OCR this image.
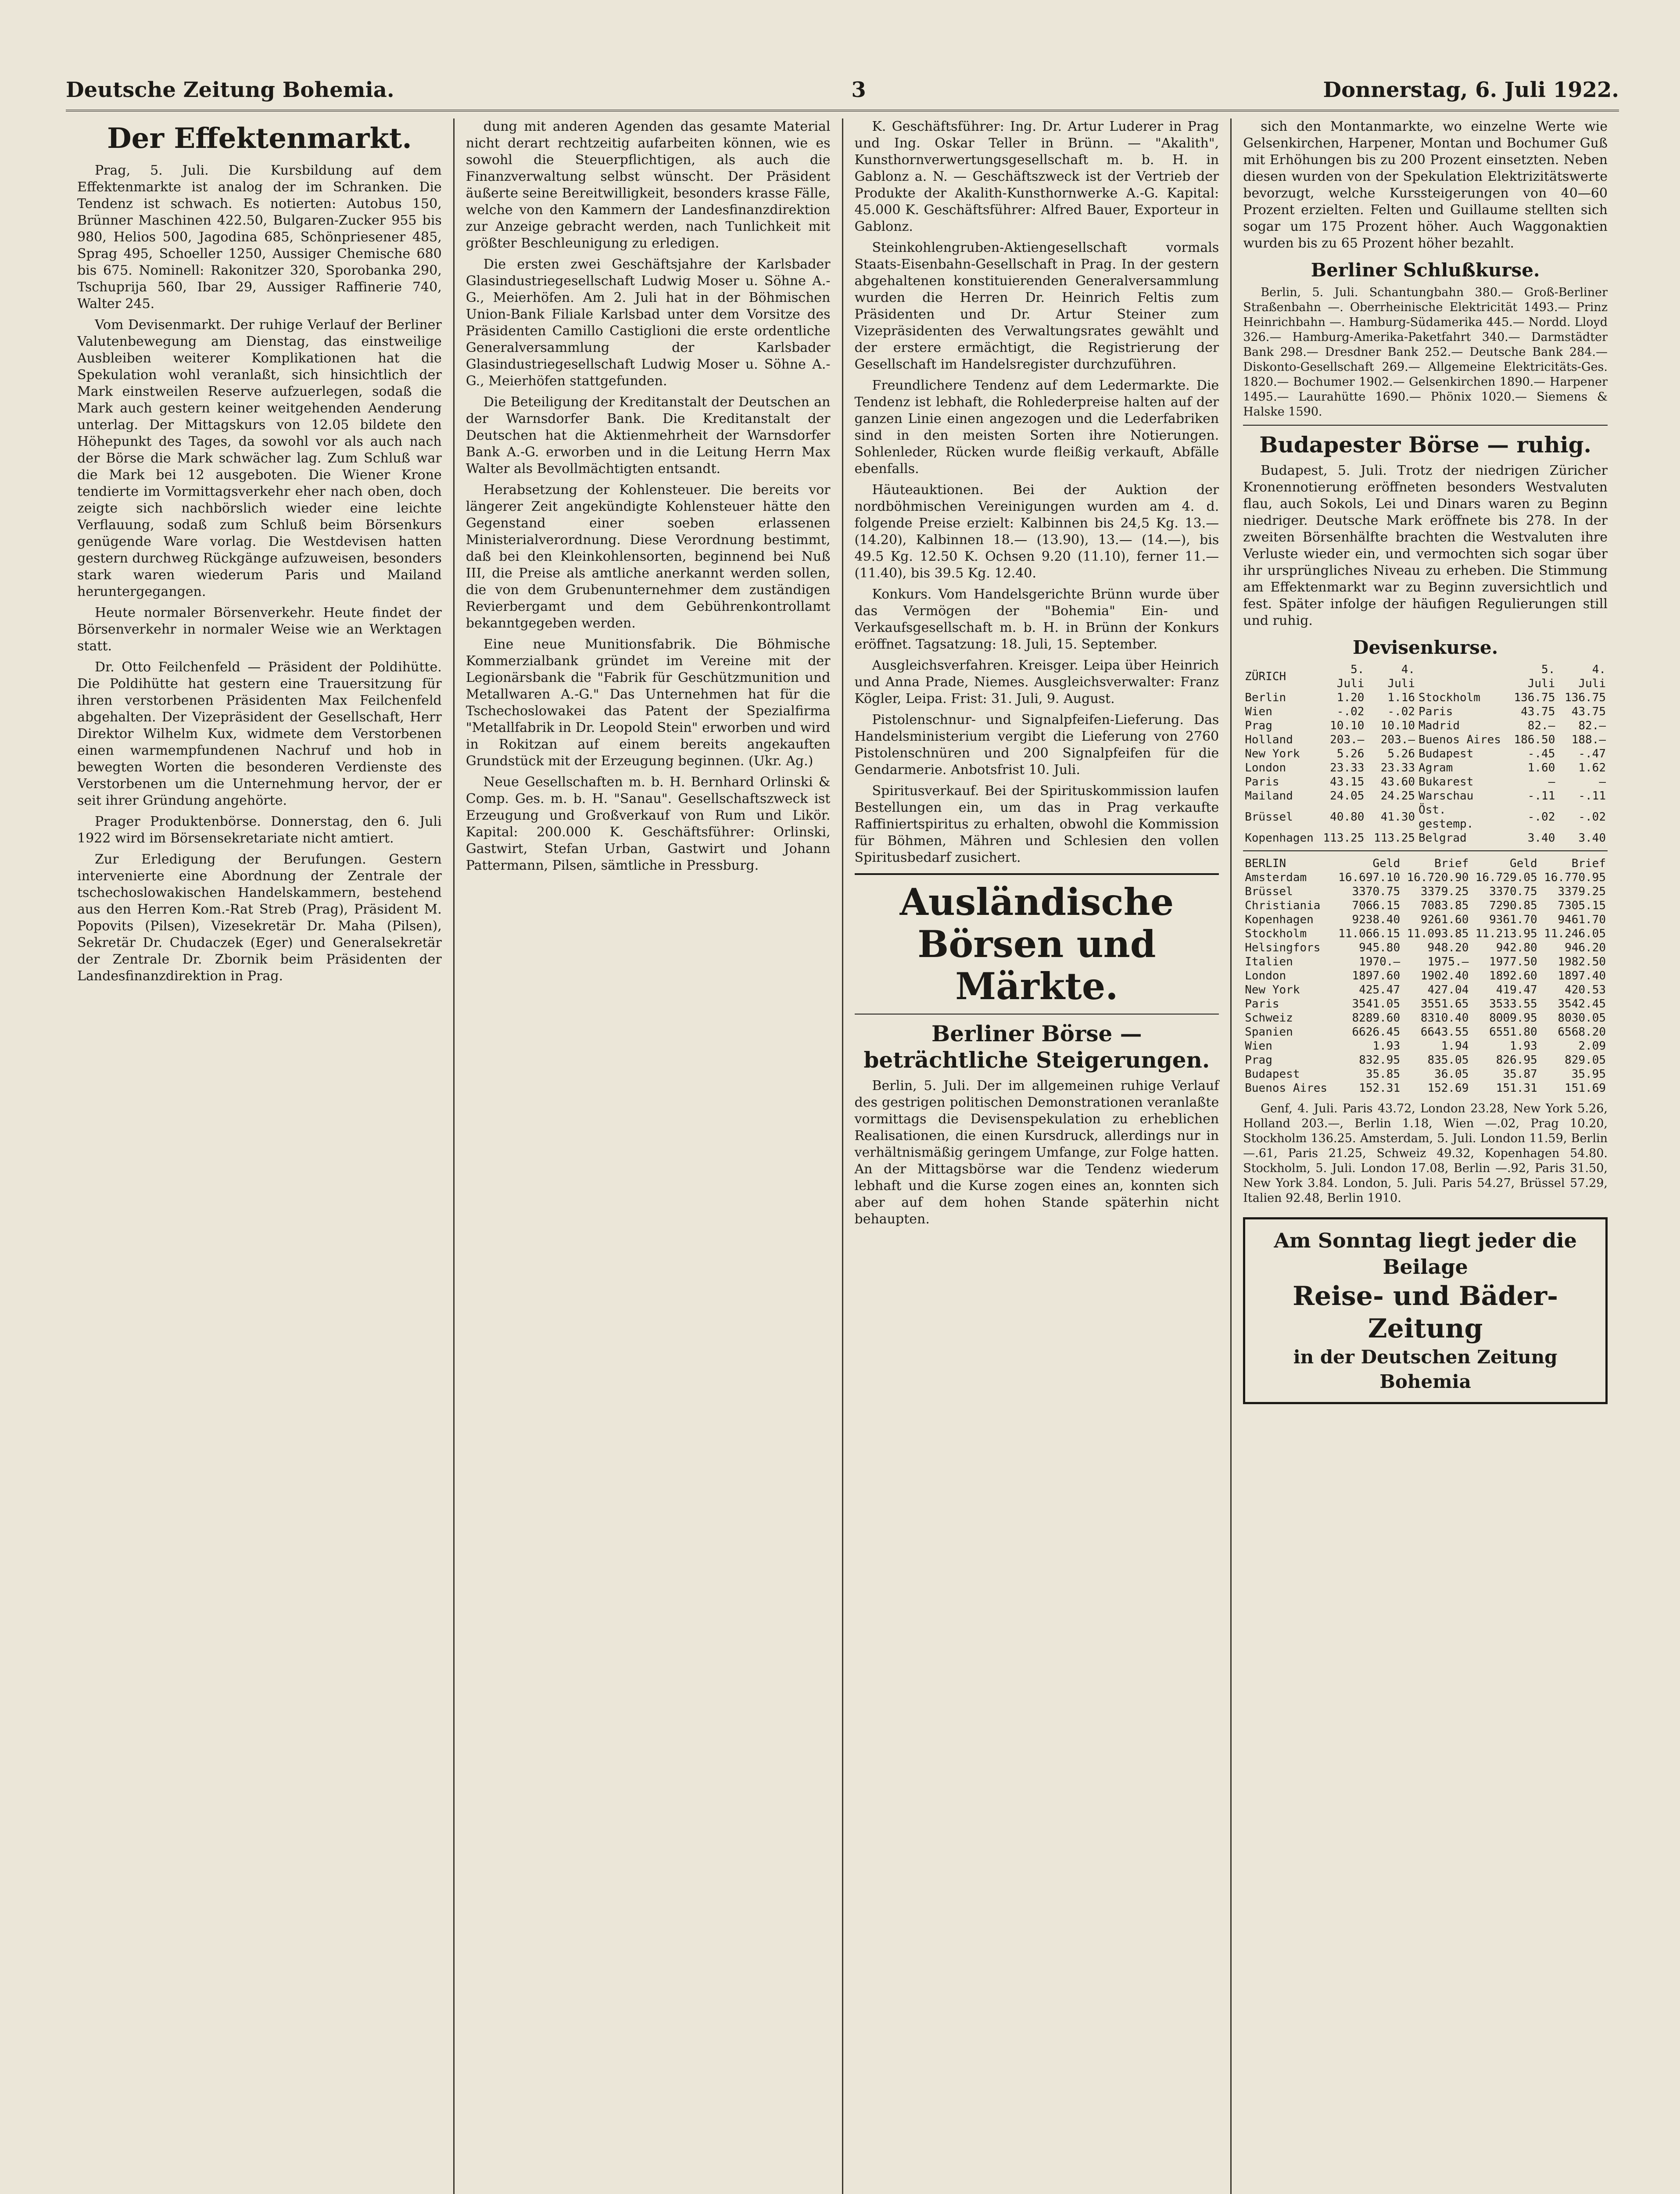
Deutsche Zeitung Bohemia.	3	Donnerstag, 6. Juli 1922.
Der Effektenmarkt.

Prag, 5. Juli. Die Kursbildung auf dem Effektenmarkte ist analog der im Schranken. Die Tendenz ist schwach. Es notierten: Autobus 150, Brünner Maschinen 422.50, Bulgaren-Zucker 955 bis 980, Helios 500, Jagodina 685, Schönpriesener 485, Sprag 495, Schoeller 1250, Aussiger Chemische 680 bis 675. Nominell: Rakonitzer 320, Sporobanka 290, Tschuprija 560, Ibar 29, Aussiger Raffinerie 740, Walter 245.

Vom Devisenmarkt. Der ruhige Verlauf der Berliner Valutenbewegung am Dienstag, das einstweilige Ausbleiben weiterer Komplikationen hat die Spekulation wohl veranlaßt, sich hinsichtlich der Mark einstweilen Reserve aufzuerlegen, sodaß die Mark auch gestern keiner weitgehenden Aenderung unterlag. Der Mittagskurs von 12.05 bildete den Höhepunkt des Tages, da sowohl vor als auch nach der Börse die Mark schwächer lag. Zum Schluß war die Mark bei 12 ausgeboten. Die Wiener Krone tendierte im Vormittagsverkehr eher nach oben, doch zeigte sich nachbörslich wieder eine leichte Verflauung, sodaß zum Schluß beim Börsenkurs genügende Ware vorlag. Die Westdevisen hatten gestern durchweg Rückgänge aufzuweisen, besonders stark waren wiederum Paris und Mailand heruntergegangen.

Heute normaler Börsenverkehr. Heute findet der Börsenverkehr in normaler Weise wie an Werktagen statt.

Dr. Otto Feilchenfeld — Präsident der Poldihütte. Die Poldihütte hat gestern eine Trauersitzung für ihren verstorbenen Präsidenten Max Feilchenfeld abgehalten. Der Vizepräsident der Gesellschaft, Herr Direktor Wilhelm Kux, widmete dem Verstorbenen einen warmempfundenen Nachruf und hob in bewegten Worten die besonderen Verdienste des Verstorbenen um die Unternehmung hervor, der er seit ihrer Gründung angehörte.

Prager Produktenbörse. Donnerstag, den 6. Juli 1922 wird im Börsensekretariate nicht amtiert.

Zur Erledigung der Berufungen. Gestern intervenierte eine Abordnung der Zentrale der tschechoslowakischen Handelskammern, bestehend aus den Herren Kom.-Rat Streb (Prag), Präsident M. Popovits (Pilsen), Vizesekretär Dr. Maha (Pilsen), Sekretär Dr. Chudaczek (Eger) und Generalsekretär der Zentrale Dr. Zbornik beim Präsidenten der Landesfinanzdirektion in Prag.

dung mit anderen Agenden das gesamte Material nicht derart rechtzeitig aufarbeiten können, wie es sowohl die Steuerpflichtigen, als auch die Finanzverwaltung selbst wünscht. Der Präsident äußerte seine Bereitwilligkeit, besonders krasse Fälle, welche von den Kammern der Landesfinanzdirektion zur Anzeige gebracht werden, nach Tunlichkeit mit größter Beschleunigung zu erledigen.

Die ersten zwei Geschäftsjahre der Karlsbader Glasindustriegesellschaft Ludwig Moser u. Söhne A.-G., Meierhöfen. Am 2. Juli hat in der Böhmischen Union-Bank Filiale Karlsbad unter dem Vorsitze des Präsidenten Camillo Castiglioni die erste ordentliche Generalversammlung der Karlsbader Glasindustriegesellschaft Ludwig Moser u. Söhne A.-G., Meierhöfen stattgefunden.

Die Beteiligung der Kreditanstalt der Deutschen an der Warnsdorfer Bank. Die Kreditanstalt der Deutschen hat die Aktienmehrheit der Warnsdorfer Bank A.-G. erworben und in die Leitung Herrn Max Walter als Bevollmächtigten entsandt.

Herabsetzung der Kohlensteuer. Die bereits vor längerer Zeit angekündigte Kohlensteuer hätte den Gegenstand einer soeben erlassenen Ministerialverordnung. Diese Verordnung bestimmt, daß bei den Kleinkohlensorten, beginnend bei Nuß III, die Preise als amtliche anerkannt werden sollen, die von dem Grubenunternehmer dem zuständigen Revierbergamt und dem Gebührenkontrollamt bekanntgegeben werden.

Eine neue Munitionsfabrik. Die Böhmische Kommerzialbank gründet im Vereine mit der Legionärsbank die "Fabrik für Geschützmunition und Metallwaren A.-G." Das Unternehmen hat für die Tschechoslowakei das Patent der Spezialfirma "Metallfabrik in Dr. Leopold Stein" erworben und wird in Rokitzan auf einem bereits angekauften Grundstück mit der Erzeugung beginnen. (Ukr. Ag.)

Neue Gesellschaften m. b. H. Bernhard Orlinski & Comp. Ges. m. b. H. "Sanau". Gesellschaftszweck ist Erzeugung und Großverkauf von Rum und Likör. Kapital: 200.000 K. Geschäftsführer: Orlinski, Gastwirt, Stefan Urban, Gastwirt und Johann Pattermann, Pilsen, sämtliche in Pressburg.

K. Geschäftsführer: Ing. Dr. Artur Luderer in Prag und Ing. Oskar Teller in Brünn. — "Akalith", Kunsthornverwertungsgesellschaft m. b. H. in Gablonz a. N. — Geschäftszweck ist der Vertrieb der Produkte der Akalith-Kunsthornwerke A.-G. Kapital: 45.000 K. Geschäftsführer: Alfred Bauer, Exporteur in Gablonz.

Steinkohlengruben-Aktiengesellschaft vormals Staats-Eisenbahn-Gesellschaft in Prag. In der gestern abgehaltenen konstituierenden Generalversammlung wurden die Herren Dr. Heinrich Feltis zum Präsidenten und Dr. Artur Steiner zum Vizepräsidenten des Verwaltungsrates gewählt und der erstere ermächtigt, die Registrierung der Gesellschaft im Handelsregister durchzuführen.

Freundlichere Tendenz auf dem Ledermarkte. Die Tendenz ist lebhaft, die Rohlederpreise halten auf der ganzen Linie einen angezogen und die Lederfabriken sind in den meisten Sorten ihre Notierungen. Sohlenleder, Rücken wurde fleißig verkauft, Abfälle ebenfalls.

Häuteauktionen. Bei der Auktion der nordböhmischen Vereinigungen wurden am 4. d. folgende Preise erzielt: Kalbinnen bis 24,5 Kg. 13.— (14.20), Kalbinnen 18.— (13.90), 13.— (14.—), bis 49.5 Kg. 12.50 K. Ochsen 9.20 (11.10), ferner 11.— (11.40), bis 39.5 Kg. 12.40.

Konkurs. Vom Handelsgerichte Brünn wurde über das Vermögen der "Bohemia" Ein- und Verkaufsgesellschaft m. b. H. in Brünn der Konkurs eröffnet. Tagsatzung: 18. Juli, 15. September.

Ausgleichsverfahren. Kreisger. Leipa über Heinrich und Anna Prade, Niemes. Ausgleichsverwalter: Franz Kögler, Leipa. Frist: 31. Juli, 9. August.

Pistolenschnur- und Signalpfeifen-Lieferung. Das Handelsministerium vergibt die Lieferung von 2760 Pistolenschnüren und 200 Signalpfeifen für die Gendarmerie. Anbotsfrist 10. Juli.

Spiritusverkauf. Bei der Spirituskommission laufen Bestellungen ein, um das in Prag verkaufte Raffiniertspiritus zu erhalten, obwohl die Kommission für Böhmen, Mähren und Schlesien den vollen Spiritusbedarf zusichert.

Ausländische Börsen und Märkte.
Berliner Börse — beträchtliche Steigerungen.

Berlin, 5. Juli. Der im allgemeinen ruhige Verlauf des gestrigen politischen Demonstrationen veranlaßte vormittags die Devisenspekulation zu erheblichen Realisationen, die einen Kursdruck, allerdings nur in verhältnismäßig geringem Umfange, zur Folge hatten. An der Mittagsbörse war die Tendenz wiederum lebhaft und die Kurse zogen eines an, konnten sich aber auf dem hohen Stande späterhin nicht behaupten.

sich den Montanmarkte, wo einzelne Werte wie Gelsenkirchen, Harpener, Montan und Bochumer Guß mit Erhöhungen bis zu 200 Prozent einsetzten. Neben diesen wurden von der Spekulation Elektrizitätswerte bevorzugt, welche Kurssteigerungen von 40—60 Prozent erzielten. Felten und Guillaume stellten sich sogar um 175 Prozent höher. Auch Waggonaktien wurden bis zu 65 Prozent höher bezahlt.

Berliner Schlußkurse.

Berlin, 5. Juli. Schantungbahn 380.— Groß-Berliner Straßenbahn —. Oberrheinische Elektricität 1493.— Prinz Heinrichbahn —. Hamburg-Südamerika 445.— Nordd. Lloyd 326.— Hamburg-Amerika-Paketfahrt 340.— Darmstädter Bank 298.— Dresdner Bank 252.— Deutsche Bank 284.— Diskonto-Gesellschaft 269.— Allgemeine Elektricitäts-Ges. 1820.— Bochumer 1902.— Gelsenkirchen 1890.— Harpener 1495.— Laurahütte 1690.— Phönix 1020.— Siemens & Halske 1590.

Budapester Börse — ruhig.

Budapest, 5. Juli. Trotz der niedrigen Züricher Kronennotierung eröffneten besonders Westvaluten flau, auch Sokols, Lei und Dinars waren zu Beginn niedriger. Deutsche Mark eröffnete bis 278. In der zweiten Börsenhälfte brachten die Westvaluten ihre Verluste wieder ein, und vermochten sich sogar über ihr ursprüngliches Niveau zu erheben. Die Stimmung am Effektenmarkt war zu Beginn zuversichtlich und fest. Später infolge der häufigen Regulierungen still und ruhig.

Devisenkurse.
ZÜRICH	5. Juli	4. Juli		5. Juli	4. Juli
Berlin	1.20	1.16	Stockholm	136.75	136.75
Wien	-.02	-.02	Paris	43.75	43.75
Prag	10.10	10.10	Madrid	82.—	82.—
Holland	203.—	203.—	Buenos Aires	186.50	188.—
New York	5.26	5.26	Budapest	-.45	-.47
London	23.33	23.33	Agram	1.60	1.62
Paris	43.15	43.60	Bukarest	—	—
Mailand	24.05	24.25	Warschau	-.11	-.11
Brüssel	40.80	41.30	Öst. gestemp.	-.02	-.02
Kopenhagen	113.25	113.25	Belgrad	3.40	3.40
BERLIN	Geld	Brief	Geld	Brief
Amsterdam	16.697.10	16.720.90	16.729.05	16.770.95
Brüssel	3370.75	3379.25	3370.75	3379.25
Christiania	7066.15	7083.85	7290.85	7305.15
Kopenhagen	9238.40	9261.60	9361.70	9461.70
Stockholm	11.066.15	11.093.85	11.213.95	11.246.05
Helsingfors	945.80	948.20	942.80	946.20
Italien	1970.—	1975.—	1977.50	1982.50
London	1897.60	1902.40	1892.60	1897.40
New York	425.47	427.04	419.47	420.53
Paris	3541.05	3551.65	3533.55	3542.45
Schweiz	8289.60	8310.40	8009.95	8030.05
Spanien	6626.45	6643.55	6551.80	6568.20
Wien	1.93	1.94	1.93	2.09
Prag	832.95	835.05	826.95	829.05
Budapest	35.85	36.05	35.87	35.95
Buenos Aires	152.31	152.69	151.31	151.69

Genf, 4. Juli. Paris 43.72, London 23.28, New York 5.26, Holland 203.—, Berlin 1.18, Wien —.02, Prag 10.20, Stockholm 136.25. Amsterdam, 5. Juli. London 11.59, Berlin —.61, Paris 21.25, Schweiz 49.32, Kopenhagen 54.80. Stockholm, 5. Juli. London 17.08, Berlin —.92, Paris 31.50, New York 3.84. London, 5. Juli. Paris 54.27, Brüssel 57.29, Italien 92.48, Berlin 1910.

Am Sonntag liegt jeder die Beilage
Reise- und Bäder-Zeitung
in der Deutschen Zeitung Bohemia
